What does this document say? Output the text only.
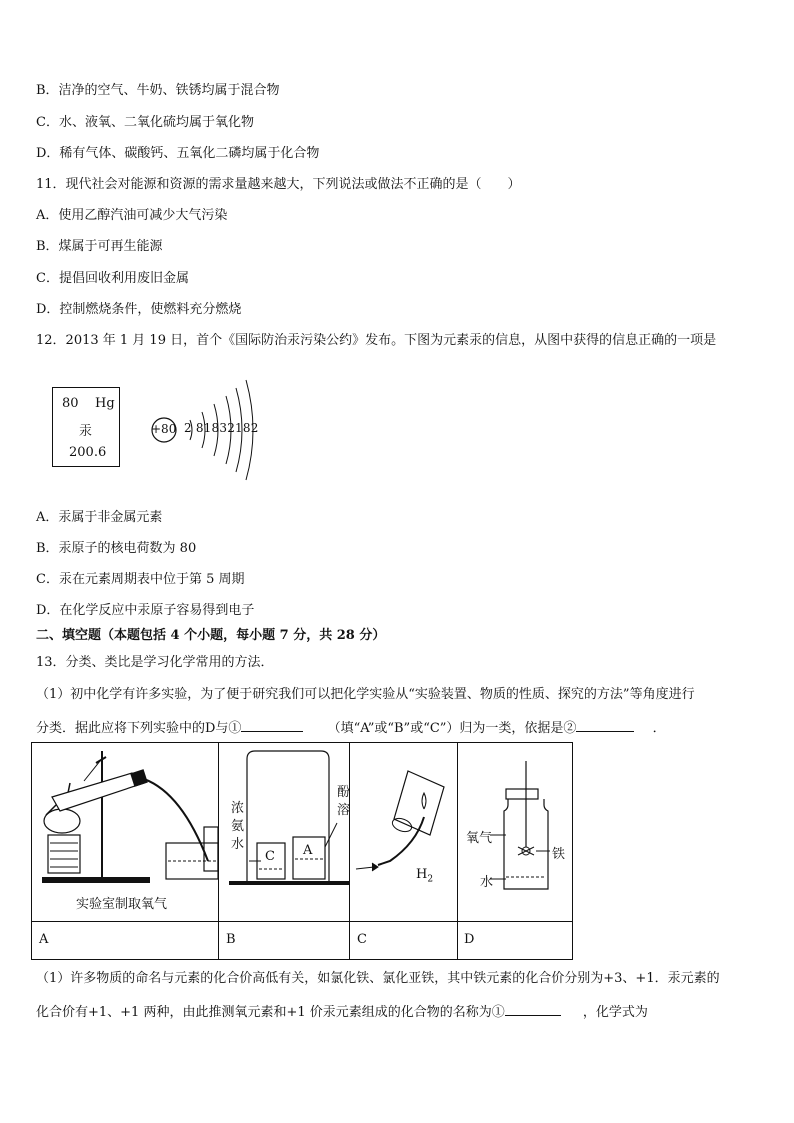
B．洁净的空气、牛奶、铁锈均属于混合物
C．水、液氧、二氧化硫均属于氧化物
D．稀有气体、碳酸钙、五氧化二磷均属于化合物
11．现代社会对能源和资源的需求量越来越大，下列说法或做法不正确的是（　　）
A．使用乙醇汽油可减少大气污染
B．煤属于可再生能源
C．提倡回收利用废旧金属
D．控制燃烧条件，使燃料充分燃烧
12．2013 年 1 月 19 日，首个《国际防治汞污染公约》发布。下图为元素汞的信息，从图中获得的信息正确的一项是
80 Hg
汞
200.6
+80 2 81832182
A．汞属于非金属元素
B．汞原子的核电荷数为 80
C．汞在元素周期表中位于第 5 周期
D．在化学反应中汞原子容易得到电子
二、填空题（本题包括 4 个小题，每小题 7 分，共 28 分）
13．分类、类比是学习化学常用的方法．
（1）初中化学有许多实验，为了便于研究我们可以把化学实验从“实验装置、物质的性质、探究的方法”等角度进行
分类．据此应将下列实验中的D与①	（填“A”或“B”或“C”）归为一类，依据是②	．
实验室制取氧气
浓
氨
水
酚
溶
C A
$H_2$
氧气
水
铁
A	B	C	D
（1）许多物质的命名与元素的化合价高低有关，如氯化铁、氯化亚铁，其中铁元素的化合价分别为+3、+1．汞元素的
化合价有+1、+1 两种，由此推测氧元素和+1 价汞元素组成的化合物的名称为①	，化学式为
